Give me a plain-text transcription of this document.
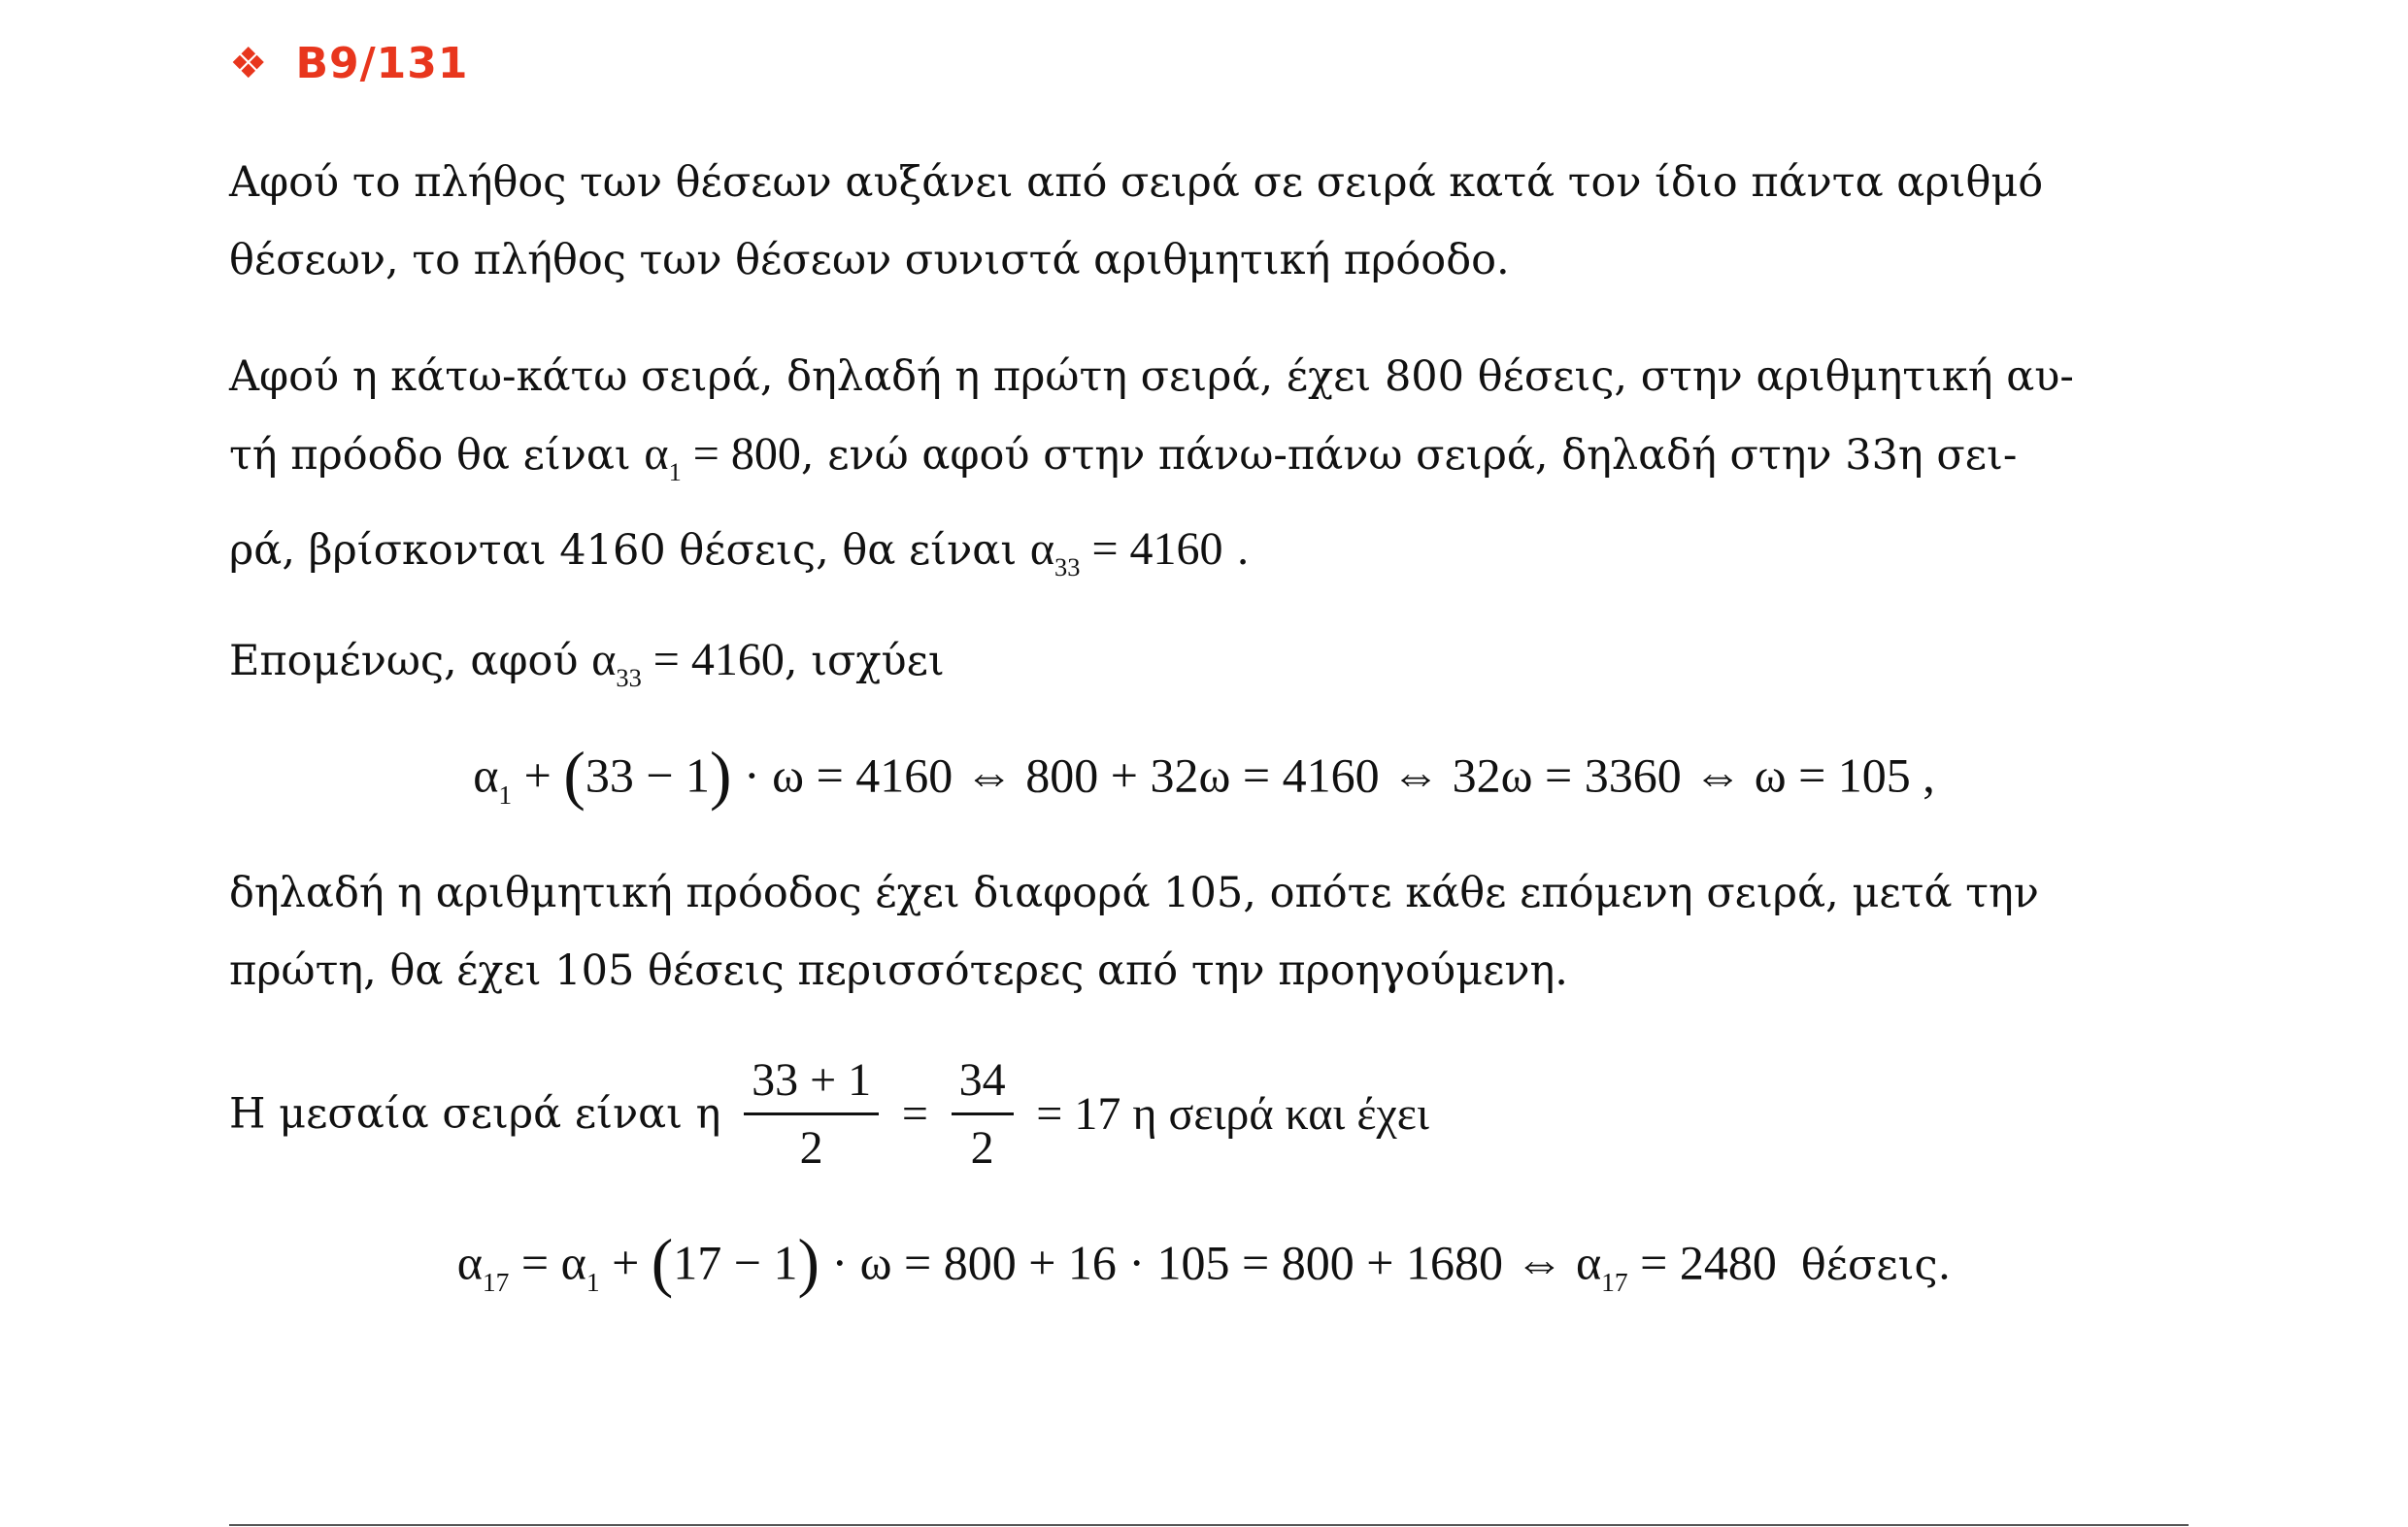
❖ B9/131
Αφού το πλήθος των θέσεων αυξάνει από σειρά σε σειρά κατά τον ίδιο πάντα αριθμό θέσεων, το πλήθος των θέσεων συνιστά αριθμητική πρόοδο.
Αφού η κάτω-κάτω σειρά, δηλαδή η πρώτη σειρά, έχει 800 θέσεις, στην αριθμητική αυ-
τή πρόοδο θα είναι $\alpha_1 = 800$, ενώ αφού στην πάνω-πάνω σειρά, δηλαδή στην 33η σει-
ρά, βρίσκονται 4160 θέσεις, θα είναι $\alpha_{33} = 4160$ .
Επομένως, αφού $\alpha_{33} = 4160$, ισχύει
$\alpha_1 + (33 - 1) \cdot \omega = 4160$ ⇔ 800 + 32ω = 4160 ⇔ 32ω = 3360 ⇔ ω = 105 ,
δηλαδή η αριθμητική πρόοδος έχει διαφορά 105, οπότε κάθε επόμενη σειρά, μετά την
πρώτη, θα έχει 105 θέσεις περισσότερες από την προηγούμενη.
Η μεσαία σειρά είναι η $\frac{33 + 1}{2} = \frac{34}{2} = 17$ η σειρά και έχει
$\alpha_{17} = \alpha_1 + (17 - 1) \cdot \omega = 800 + 16 \cdot 105 = 800 + 1680$ ⇔ $\alpha_{17} = 2480$  θέσεις.
